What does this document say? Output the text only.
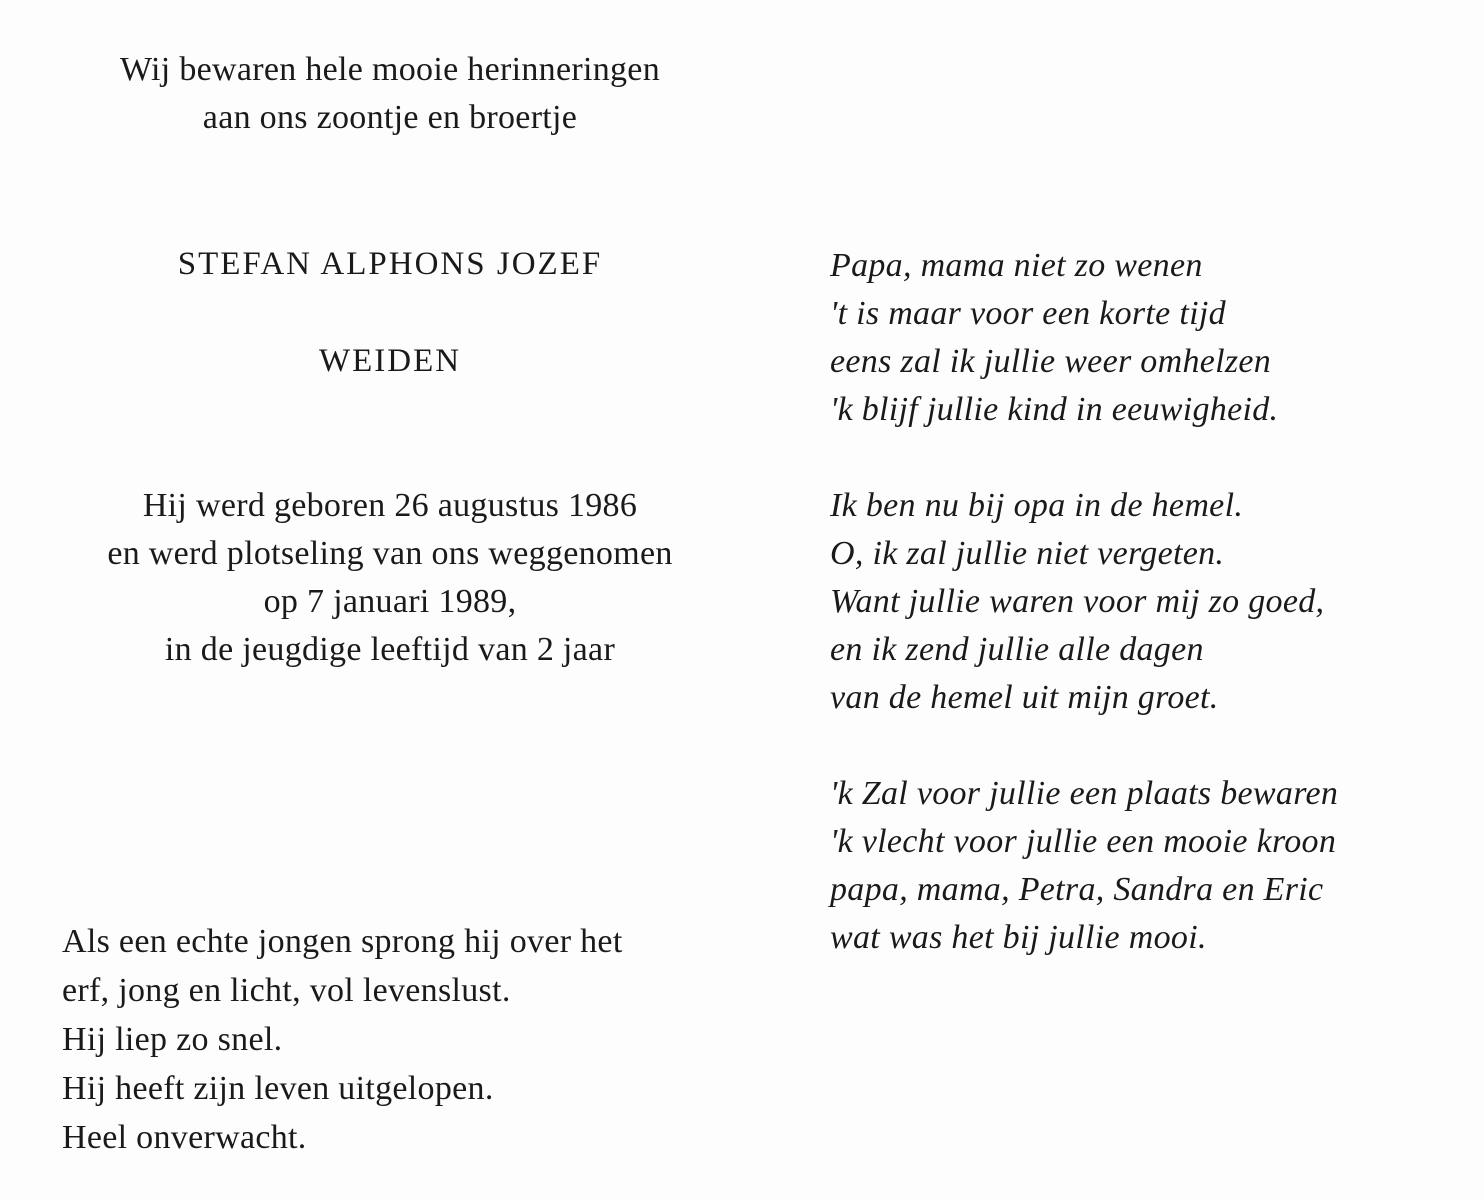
Wij bewaren hele mooie herinneringen
aan ons zoontje en broertje
STEFAN ALPHONS JOZEF
WEIDEN
Hij werd geboren 26 augustus 1986
en werd plotseling van ons weggenomen
op 7 januari 1989,
in de jeugdige leeftijd van 2 jaar
Als een echte jongen sprong hij over het
erf, jong en licht, vol levenslust.
Hij liep zo snel.
Hij heeft zijn leven uitgelopen.
Heel onverwacht.
Papa, mama niet zo wenen
't is maar voor een korte tijd
eens zal ik jullie weer omhelzen
'k blijf jullie kind in eeuwigheid.
Ik ben nu bij opa in de hemel.
O, ik zal jullie niet vergeten.
Want jullie waren voor mij zo goed,
en ik zend jullie alle dagen
van de hemel uit mijn groet.
'k Zal voor jullie een plaats bewaren
'k vlecht voor jullie een mooie kroon
papa, mama, Petra, Sandra en Eric
wat was het bij jullie mooi.
